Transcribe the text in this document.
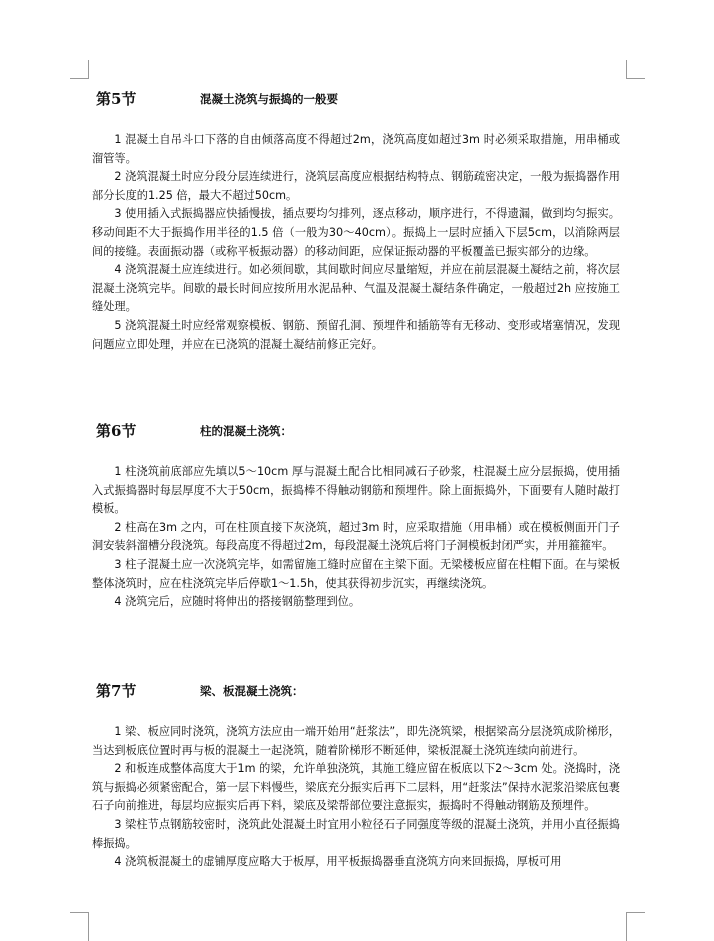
第5节	混凝土浇筑与振捣的一般要

1 混凝土自吊斗口下落的自由倾落高度不得超过2m，浇筑高度如超过3m 时必须采取措施，用串桶或溜管等。

2 浇筑混凝土时应分段分层连续进行，浇筑层高度应根据结构特点、钢筋疏密决定，一般为振捣器作用部分长度的1.25 倍，最大不超过50cm。

3 使用插入式振捣器应快插慢拔，插点要均匀排列，逐点移动，顺序进行，不得遗漏，做到均匀振实。移动间距不大于振捣作用半径的1.5 倍（一般为30～40cm）。振捣上一层时应插入下层5cm，以消除两层间的接缝。表面振动器（或称平板振动器）的移动间距，应保证振动器的平板覆盖已振实部分的边缘。

4 浇筑混凝土应连续进行。如必须间歇，其间歇时间应尽量缩短，并应在前层混凝土凝结之前，将次层混凝土浇筑完毕。间歇的最长时间应按所用水泥品种、气温及混凝土凝结条件确定，一般超过2h 应按施工缝处理。

5 浇筑混凝土时应经常观察模板、钢筋、预留孔洞、预埋件和插筋等有无移动、变形或堵塞情况，发现问题应立即处理，并应在已浇筑的混凝土凝结前修正完好。

第6节	柱的混凝土浇筑：

1 柱浇筑前底部应先填以5～10cm 厚与混凝土配合比相同减石子砂浆，柱混凝土应分层振捣，使用插入式振捣器时每层厚度不大于50cm，振捣棒不得触动钢筋和预埋件。除上面振捣外，下面要有人随时敲打模板。

2 柱高在3m 之内，可在柱顶直接下灰浇筑，超过3m 时，应采取措施（用串桶）或在模板侧面开门子洞安装斜溜槽分段浇筑。每段高度不得超过2m，每段混凝土浇筑后将门子洞模板封闭严实，并用箍箍牢。

3 柱子混凝土应一次浇筑完毕，如需留施工缝时应留在主梁下面。无梁楼板应留在柱帽下面。在与梁板整体浇筑时，应在柱浇筑完毕后停歇1～1.5h，使其获得初步沉实，再继续浇筑。

4 浇筑完后，应随时将伸出的搭接钢筋整理到位。

第7节	梁、板混凝土浇筑：

1 梁、板应同时浇筑，浇筑方法应由一端开始用“赶浆法”，即先浇筑梁，根据梁高分层浇筑成阶梯形，当达到板底位置时再与板的混凝土一起浇筑，随着阶梯形不断延伸，梁板混凝土浇筑连续向前进行。

2 和板连成整体高度大于1m 的梁，允许单独浇筑，其施工缝应留在板底以下2～3cm 处。浇捣时，浇筑与振捣必须紧密配合，第一层下料慢些，梁底充分振实后再下二层料，用“赶浆法”保持水泥浆沿梁底包裹石子向前推进，每层均应振实后再下料，梁底及梁帮部位要注意振实，振捣时不得触动钢筋及预埋件。

3 梁柱节点钢筋较密时，浇筑此处混凝土时宜用小粒径石子同强度等级的混凝土浇筑，并用小直径振捣棒振捣。

4 浇筑板混凝土的虚铺厚度应略大于板厚，用平板振捣器垂直浇筑方向来回振捣，厚板可用
